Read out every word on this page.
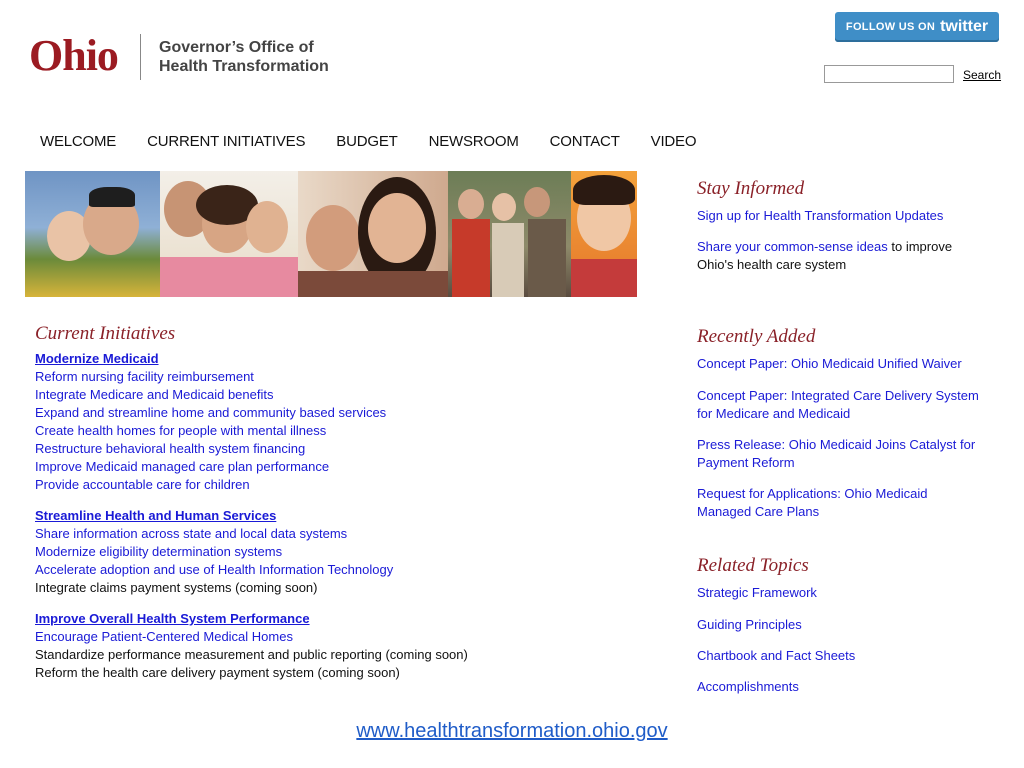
Ohio	Governor’s Office of
Health Transformation
FOLLOW US ON twitter
Search
WELCOME CURRENT INITIATIVES BUDGET NEWSROOM CONTACT VIDEO
Current Initiatives
Modernize Medicaid
Reform nursing facility reimbursement
Integrate Medicare and Medicaid benefits
Expand and streamline home and community based services
Create health homes for people with mental illness
Restructure behavioral health system financing
Improve Medicaid managed care plan performance
Provide accountable care for children
Streamline Health and Human Services
Share information across state and local data systems
Modernize eligibility determination systems
Accelerate adoption and use of Health Information Technology
Integrate claims payment systems (coming soon)
Improve Overall Health System Performance
Encourage Patient-Centered Medical Homes
Standardize performance measurement and public reporting (coming soon)
Reform the health care delivery payment system (coming soon)
Stay Informed
Sign up for Health Transformation Updates
Share your common-sense ideas to improve
Ohio's health care system
Recently Added
Concept Paper: Ohio Medicaid Unified Waiver
Concept Paper: Integrated Care Delivery System
for Medicare and Medicaid
Press Release: Ohio Medicaid Joins Catalyst for
Payment Reform
Request for Applications: Ohio Medicaid
Managed Care Plans
Related Topics
Strategic Framework
Guiding Principles
Chartbook and Fact Sheets
Accomplishments
www.healthtransformation.ohio.gov
